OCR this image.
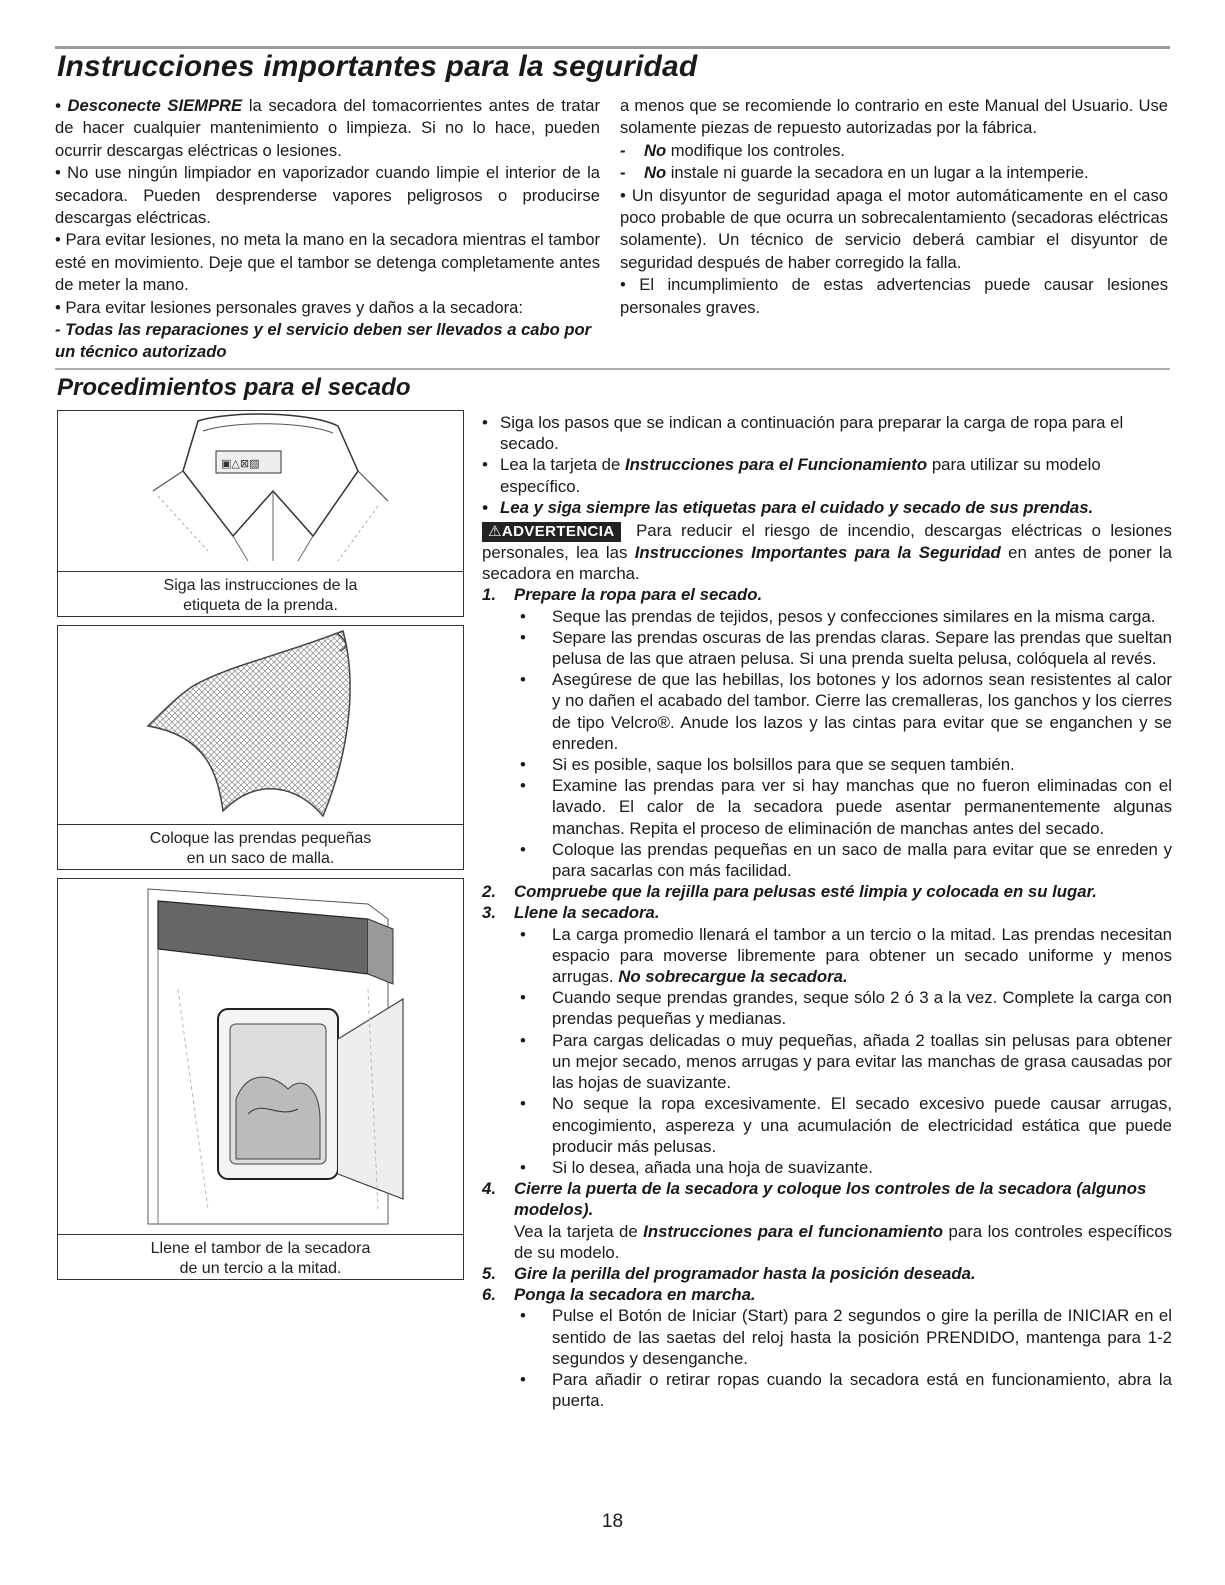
Instrucciones importantes para la seguridad

• Desconecte SIEMPRE la secadora del tomacorrientes antes de tratar de hacer cualquier mantenimiento o limpieza. Si no lo hace, pueden ocurrir descargas eléctricas o lesiones.

• No use ningún limpiador en vaporizador cuando limpie el interior de la secadora. Pueden desprenderse vapores peligrosos o producirse descargas eléctricas.

• Para evitar lesiones, no meta la mano en la secadora mientras el tambor esté en movimiento. Deje que el tambor se detenga completamente antes de meter la mano.

• Para evitar lesiones personales graves y daños a la secadora:

- Todas las reparaciones y el servicio deben ser llevados a cabo por un técnico autorizado

a menos que se recomiende lo contrario en este Manual del Usuario. Use solamente piezas de repuesto autorizadas por la fábrica.

-    No modifique los controles.

-    No instale ni guarde la secadora en un lugar a la intemperie.

• Un disyuntor de seguridad apaga el motor automáticamente en el caso poco probable de que ocurra un sobrecalentamiento (secadoras eléctricas solamente). Un técnico de servicio deberá cambiar el disyuntor de seguridad después de haber corregido la falla.

• El incumplimiento de estas advertencias puede causar lesiones personales graves.

Procedimientos para el secado
▣△⊠▨
Siga las instrucciones de la
etiqueta de la prenda.
Coloque las prendas pequeñas
en un saco de malla.
Llene el tambor de la secadora
de un tercio a la mitad.

• Siga los pasos que se indican a continuación para preparar la carga de ropa para el secado.

• Lea la tarjeta de Instrucciones para el Funcionamiento para utilizar su modelo específico.

• Lea y siga siempre las etiquetas para el cuidado y secado de sus prendas.

⚠ADVERTENCIA Para reducir el riesgo de incendio, descargas eléctricas o lesiones personales, lea las Instrucciones Importantes para la Seguridad en antes de poner la secadora en marcha.

1. Prepare la ropa para el secado.

• Seque las prendas de tejidos, pesos y confecciones similares en la misma carga.

• Separe las prendas oscuras de las prendas claras. Separe las prendas que sueltan pelusa de las que atraen pelusa. Si una prenda suelta pelusa, colóquela al revés.

• Asegúrese de que las hebillas, los botones y los adornos sean resistentes al calor y no dañen el acabado del tambor. Cierre las cremalleras, los ganchos y los cierres de tipo Velcro®. Anude los lazos y las cintas para evitar que se enganchen y se enreden.

• Si es posible, saque los bolsillos para que se sequen también.

• Examine las prendas para ver si hay manchas que no fueron eliminadas con el lavado. El calor de la secadora puede asentar permanentemente algunas manchas. Repita el proceso de eliminación de manchas antes del secado.

• Coloque las prendas pequeñas en un saco de malla para evitar que se enreden y para sacarlas con más facilidad.

2. Compruebe que la rejilla para pelusas esté limpia y colocada en su lugar.

3. Llene la secadora.

• La carga promedio llenará el tambor a un tercio o la mitad. Las prendas necesitan espacio para moverse libremente para obtener un secado uniforme y menos arrugas. No sobrecargue la secadora.

• Cuando seque prendas grandes, seque sólo 2 ó 3 a la vez. Complete la carga con prendas pequeñas y medianas.

• Para cargas delicadas o muy pequeñas, añada 2 toallas sin pelusas para obtener un mejor secado, menos arrugas y para evitar las manchas de grasa causadas por las hojas de suavizante.

• No seque la ropa excesivamente. El secado excesivo puede causar arrugas, encogimiento, aspereza y una acumulación de electricidad estática que puede producir más pelusas.

• Si lo desea, añada una hoja de suavizante.

4. Cierre la puerta de la secadora y coloque los controles de la secadora (algunos modelos).

Vea la tarjeta de Instrucciones para el funcionamiento para los controles específicos de su modelo.

5. Gire la perilla del programador hasta la posición deseada.

6. Ponga la secadora en marcha.

• Pulse el Botón de Iniciar (Start) para 2 segundos o gire la perilla de INICIAR en el sentido de las saetas del reloj hasta la posición PRENDIDO, mantenga para 1-2 segundos y desenganche.

• Para añadir o retirar ropas cuando la secadora está en funcionamiento, abra la puerta.

18
